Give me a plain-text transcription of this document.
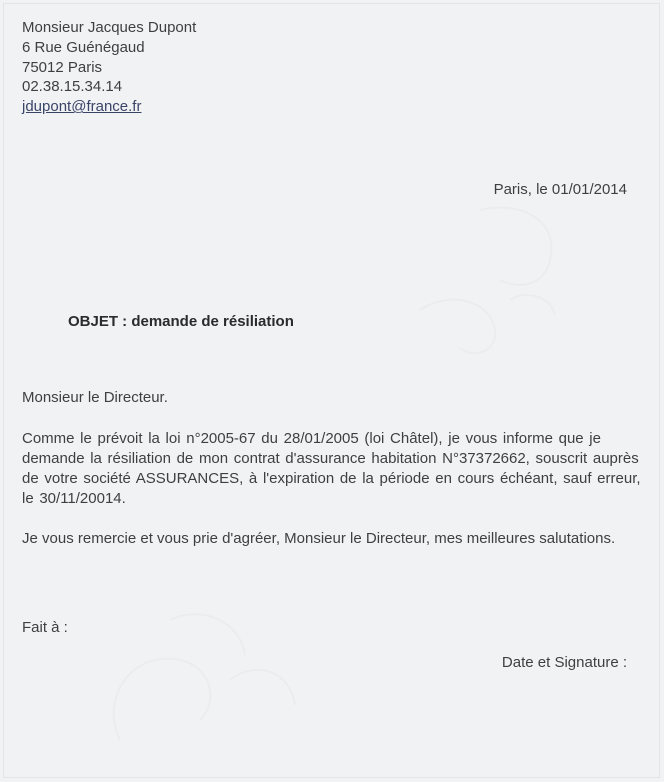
Monsieur Jacques Dupont
6 Rue Guénégaud
75012 Paris
02.38.15.34.14
jdupont@france.fr
Paris, le 01/01/2014
OBJET : demande de résiliation
Monsieur le Directeur.
Comme le prévoit la loi n°2005-67 du 28/01/2005 (loi Châtel), je vous informe que je demande la résiliation de mon contrat d'assurance habitation N°37372662, souscrit auprès de votre société ASSURANCES, à l'expiration de la période en cours échéant, sauf erreur, le 30/11/20014.
Je vous remercie et vous prie d'agréer, Monsieur le Directeur, mes meilleures salutations.
Fait à :
Date et Signature :
